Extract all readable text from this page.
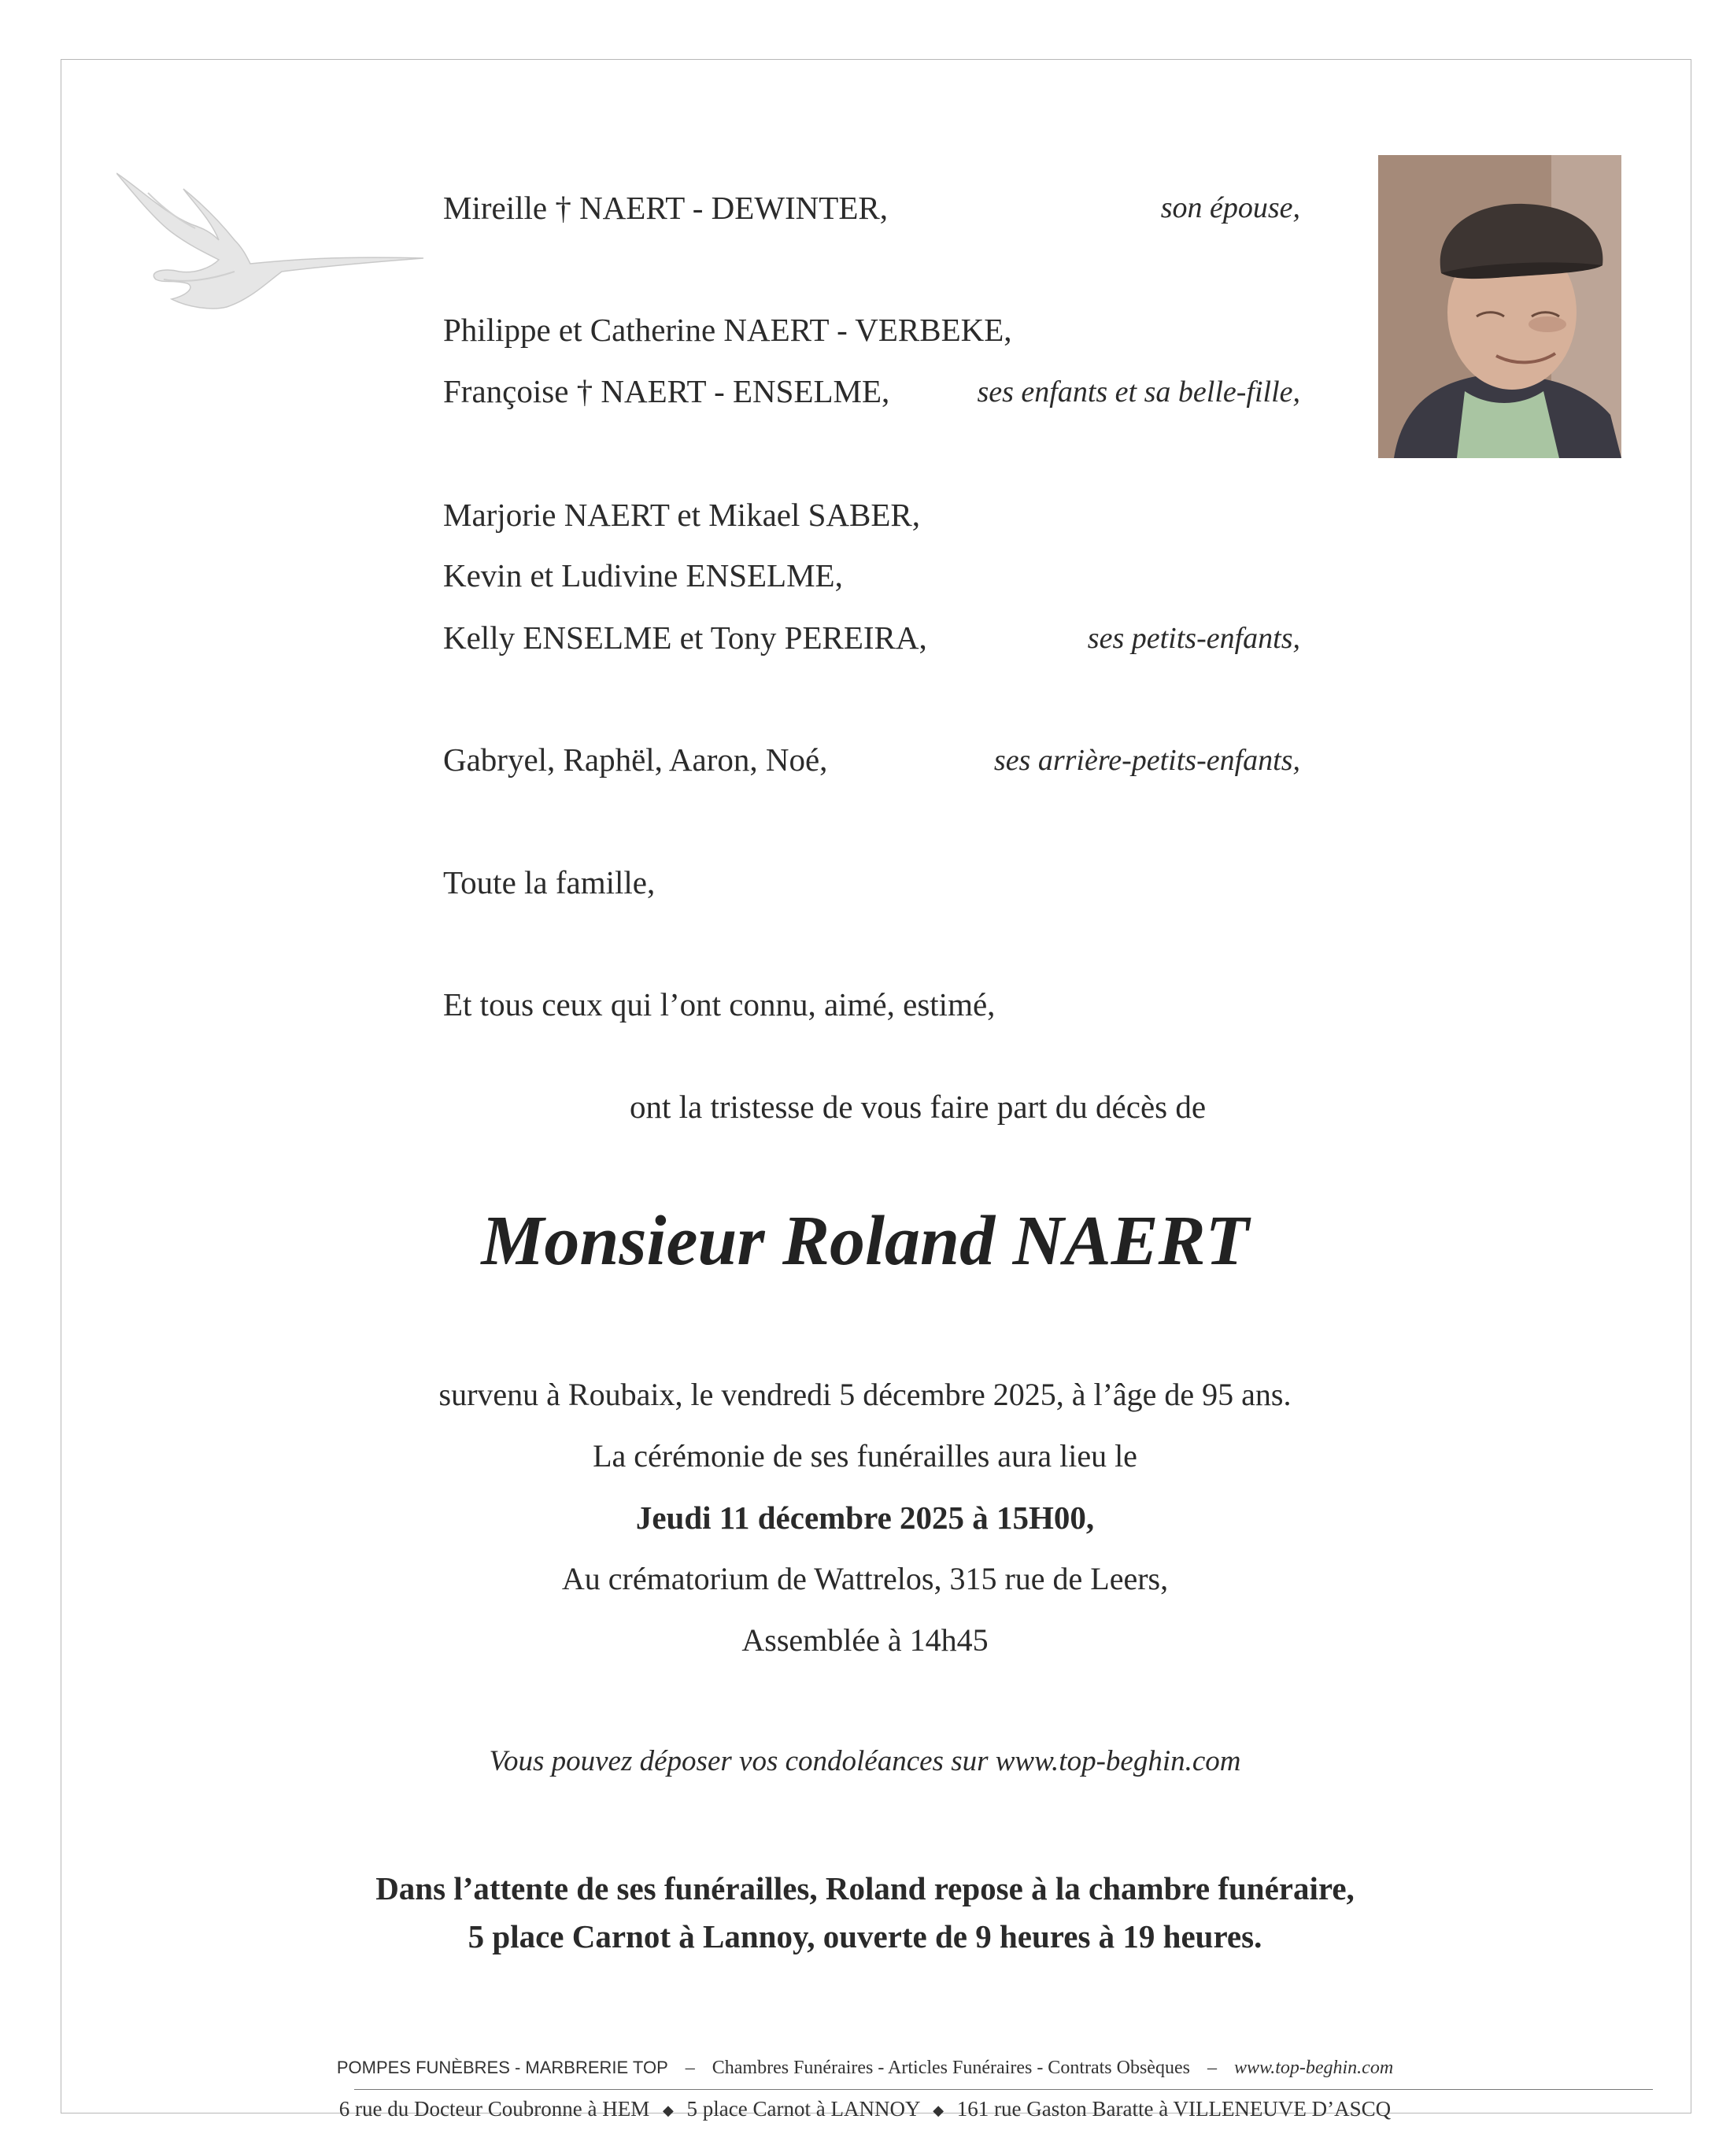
Mireille † NAERT - DEWINTER,	son épouse,
Philippe et Catherine NAERT - VERBEKE,
Françoise † NAERT - ENSELME,	ses enfants et sa belle-fille,
Marjorie NAERT et Mikael SABER,
Kevin et Ludivine ENSELME,
Kelly ENSELME et Tony PEREIRA,	ses petits-enfants,
Gabryel, Raphël, Aaron, Noé,	ses arrière-petits-enfants,
Toute la famille,
Et tous ceux qui l’ont connu, aimé, estimé,
ont la tristesse de vous faire part du décès de
Monsieur Roland NAERT
survenu à Roubaix, le vendredi 5 décembre 2025, à l’âge de 95 ans.
La cérémonie de ses funérailles aura lieu le
Jeudi 11 décembre 2025 à 15H00,
Au crématorium de Wattrelos, 315 rue de Leers,
Assemblée à 14h45
Vous pouvez déposer vos condoléances sur www.top-beghin.com
Dans l’attente de ses funérailles, Roland repose à la chambre funéraire,
5 place Carnot à Lannoy, ouverte de 9 heures à 19 heures.
POMPES FUNÈBRES - MARBRERIE TOP – Chambres Funéraires - Articles Funéraires - Contrats Obsèques – www.top-beghin.com
6 rue du Docteur Coubronne à HEM ◆ 5 place Carnot à LANNOY ◆ 161 rue Gaston Baratte à VILLENEUVE D’ASCQ
